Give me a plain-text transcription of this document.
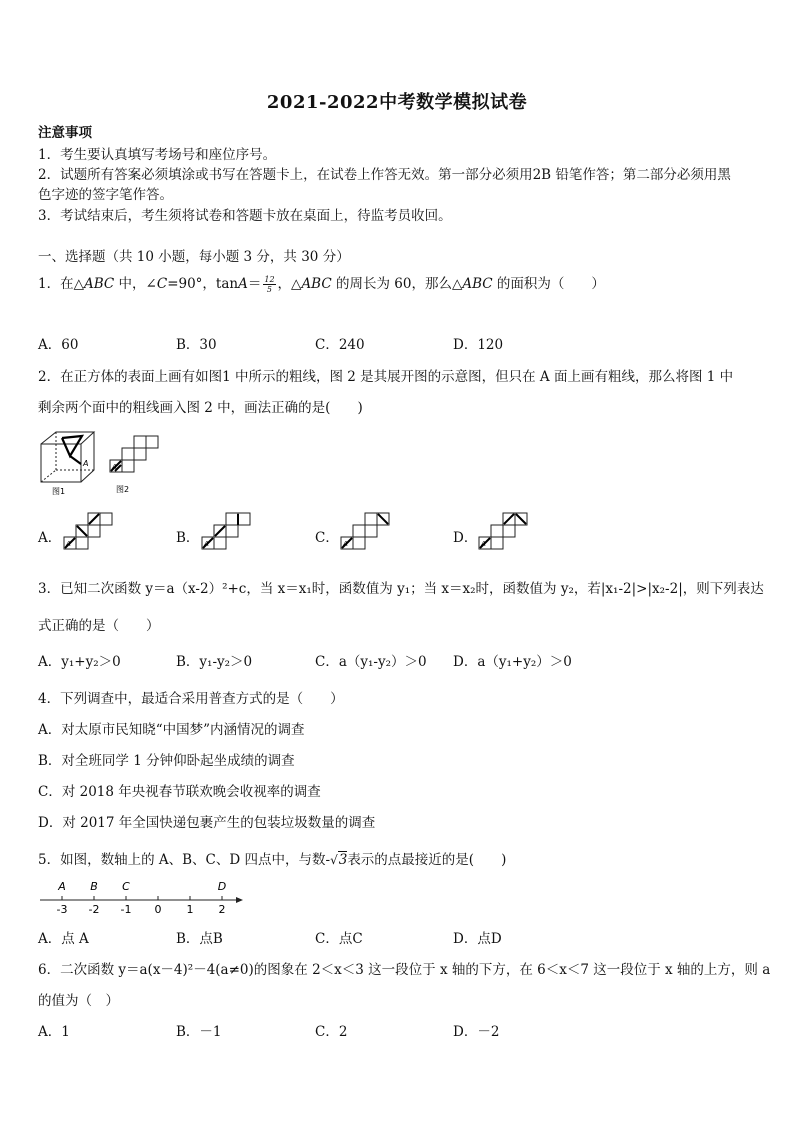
2021-2022中考数学模拟试卷
注意事项
1．考生要认真填写考场号和座位序号。
2．试题所有答案必须填涂或书写在答题卡上，在试卷上作答无效。第一部分必须用2B 铅笔作答；第二部分必须用黑
色字迹的签字笔作答。
3．考试结束后，考生须将试卷和答题卡放在桌面上，待监考员收回。
一、选择题（共 10 小题，每小题 3 分，共 30 分）
1．在△ABC 中，∠C=90°，$\tan A= \frac{12}{5}$ ，△ABC 的周长为 60，那么△ABC 的面积为（　　）
A．60	B．30	C．240	D．120
2．在正方体的表面上画有如图1 中所示的粗线，图 2 是其展开图的示意图，但只在 A 面上画有粗线，那么将图 1 中
剩余两个面中的粗线画入图 2 中，画法正确的是(　　)
A
图1
A
图2
A．	B．	C．	D．
A	A	A	A
3．已知二次函数 y＝a（x-2）²+c，当 x＝x₁时，函数值为 y₁；当 x＝x₂时，函数值为 y₂，若|x₁-2|>|x₂-2|，则下列表达
式正确的是（　　）
A．y₁+y₂＞0	B．y₁-y₂＞0	C．a（y₁-y₂）＞0 D．a（y₁+y₂）＞0
4．下列调查中，最适合采用普查方式的是（　　）
A．对太原市民知晓“中国梦”内涵情况的调查
B．对全班同学 1 分钟仰卧起坐成绩的调查
C．对 2018 年央视春节联欢晚会收视率的调查
D．对 2017 年全国快递包裹产生的包装垃圾数量的调查
5．如图，数轴上的 A、B、C、D 四点中，与数-√3表示的点最接近的是(　　)
-3 -2 -1 0 1 2
A B C	D
A．点 A	B．点B	C．点C	D．点D
6．二次函数 y＝a(x－4)²－4(a≠0)的图象在 2＜x＜3 这一段位于 x 轴的下方，在 6＜x＜7 这一段位于 x 轴的上方，则 a
的值为（　）
A．1	B．－1	C．2	D．－2
